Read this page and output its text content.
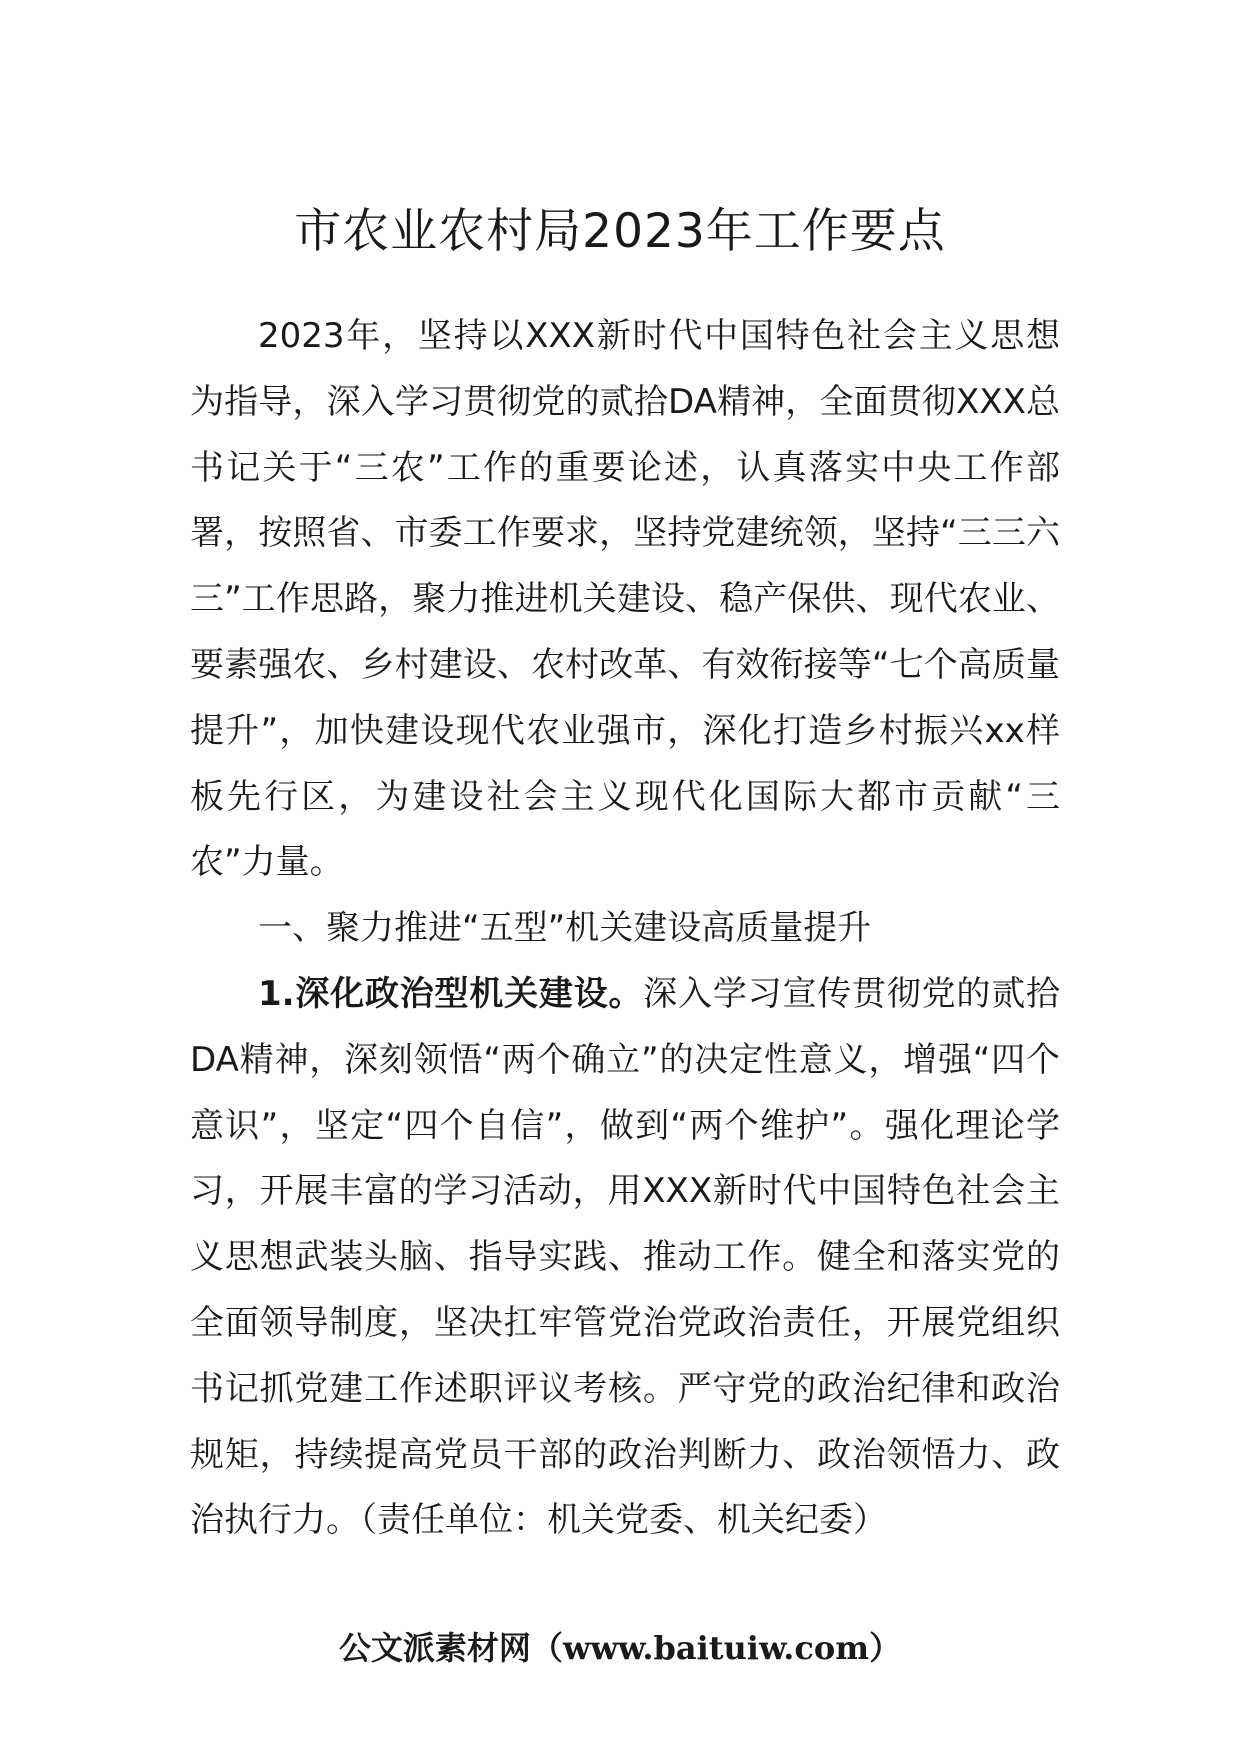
市农业农村局2023年工作要点

2023年，坚持以XXX新时代中国特色社会主义思想为指导，深入学习贯彻党的贰拾DA精神，全面贯彻XXX总书记关于“三农”工作的重要论述，认真落实中央工作部署，按照省、市委工作要求，坚持党建统领，坚持“三三六三”工作思路，聚力推进机关建设、稳产保供、现代农业、要素强农、乡村建设、农村改革、有效衔接等“七个高质量提升”，加快建设现代农业强市，深化打造乡村振兴xx样板先行区，为建设社会主义现代化国际大都市贡献“三农”力量。

一、聚力推进“五型”机关建设高质量提升

1.深化政治型机关建设。深入学习宣传贯彻党的贰拾DA精神，深刻领悟“两个确立”的决定性意义，增强“四个意识”，坚定“四个自信”，做到“两个维护”。强化理论学习，开展丰富的学习活动，用XXX新时代中国特色社会主义思想武装头脑、指导实践、推动工作。健全和落实党的全面领导制度，坚决扛牢管党治党政治责任，开展党组织书记抓党建工作述职评议考核。严守党的政治纪律和政治规矩，持续提高党员干部的政治判断力、政治领悟力、政治执行力。（责任单位：机关党委、机关纪委）

公文派素材网（www.baituiw.com）
